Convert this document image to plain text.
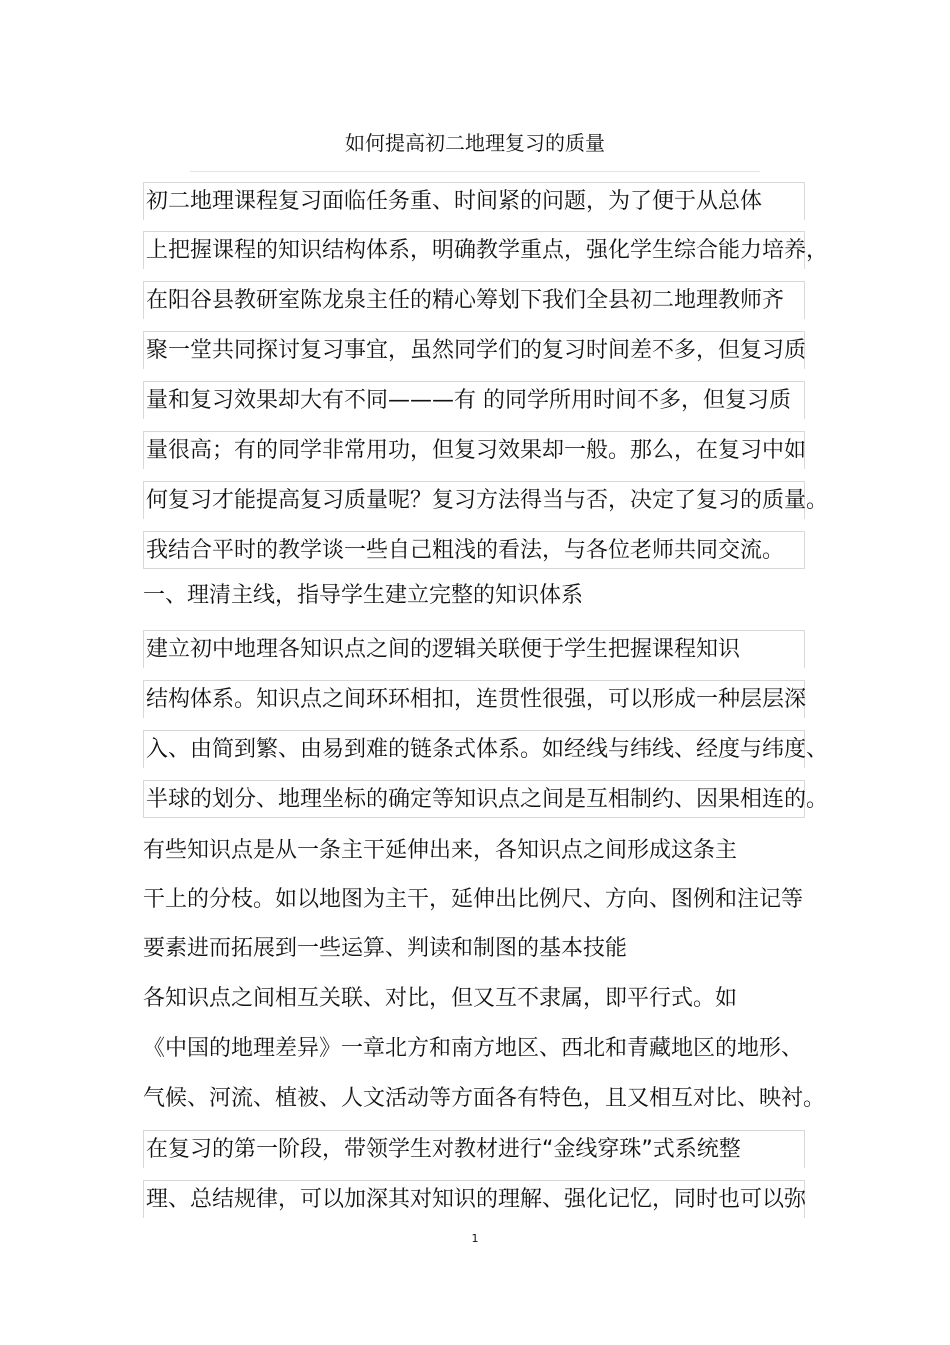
如何提高初二地理复习的质量
初二地理课程复习面临任务重、时间紧的问题，为了便于从总体
上把握课程的知识结构体系，明确教学重点，强化学生综合能力培养，
在阳谷县教研室陈龙泉主任的精心筹划下我们全县初二地理教师齐
聚一堂共同探讨复习事宜，虽然同学们的复习时间差不多，但复习质
量和复习效果却大有不同———有 的同学所用时间不多，但复习质
量很高；有的同学非常用功，但复习效果却一般。那么，在复习中如
何复习才能提高复习质量呢？复习方法得当与否，决定了复习的质量。
我结合平时的教学谈一些自己粗浅的看法，与各位老师共同交流。
一、理清主线，指导学生建立完整的知识体系
建立初中地理各知识点之间的逻辑关联便于学生把握课程知识
结构体系。知识点之间环环相扣，连贯性很强，可以形成一种层层深
入、由简到繁、由易到难的链条式体系。如经线与纬线、经度与纬度、
半球的划分、地理坐标的确定等知识点之间是互相制约、因果相连的。
有些知识点是从一条主干延伸出来，各知识点之间形成这条主
干上的分枝。如以地图为主干，延伸出比例尺、方向、图例和注记等
要素进而拓展到一些运算、判读和制图的基本技能
各知识点之间相互关联、对比，但又互不隶属，即平行式。如
《中国的地理差异》一章北方和南方地区、西北和青藏地区的地形、
气候、河流、植被、人文活动等方面各有特色，且又相互对比、映衬。
在复习的第一阶段，带领学生对教材进行“金线穿珠”式系统整
理、总结规律，可以加深其对知识的理解、强化记忆，同时也可以弥
1
